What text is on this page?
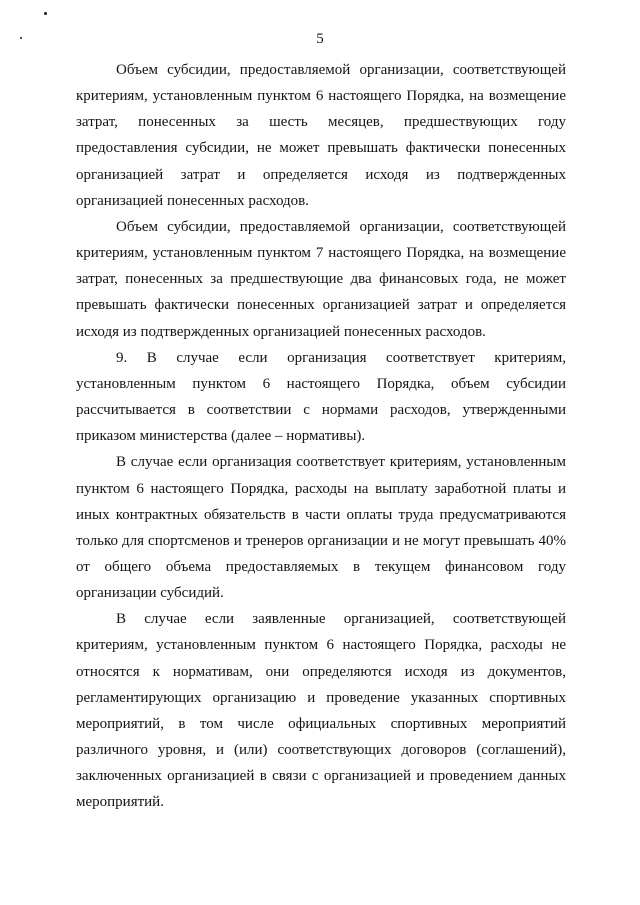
5

Объем субсидии, предоставляемой организации, соответствующей критериям, установленным пунктом 6 настоящего Порядка, на возмещение затрат, понесенных за шесть месяцев, предшествующих году предоставления субсидии, не может превышать фактически понесенных организацией затрат и определяется исходя из подтвержденных организацией понесенных расходов.

Объем субсидии, предоставляемой организации, соответствующей критериям, установленным пунктом 7 настоящего Порядка, на возмещение затрат, понесенных за предшествующие два финансовых года, не может превышать фактически понесенных организацией затрат и определяется исходя из подтвержденных организацией понесенных расходов.

9. В случае если организация соответствует критериям, установленным пунктом 6 настоящего Порядка, объем субсидии рассчитывается в соответствии с нормами расходов, утвержденными приказом министерства (далее – нормативы).

В случае если организация соответствует критериям, установленным пунктом 6 настоящего Порядка, расходы на выплату заработной платы и иных контрактных обязательств в части оплаты труда предусматриваются только для спортсменов и тренеров организации и не могут превышать 40% от общего объема предоставляемых в текущем финансовом году организации субсидий.

В случае если заявленные организацией, соответствующей критериям, установленным пунктом 6 настоящего Порядка, расходы не относятся к нормативам, они определяются исходя из документов, регламентирующих организацию и проведение указанных спортивных мероприятий, в том числе официальных спортивных мероприятий различного уровня, и (или) соответствующих договоров (соглашений), заключенных организацией в связи с организацией и проведением данных мероприятий.
